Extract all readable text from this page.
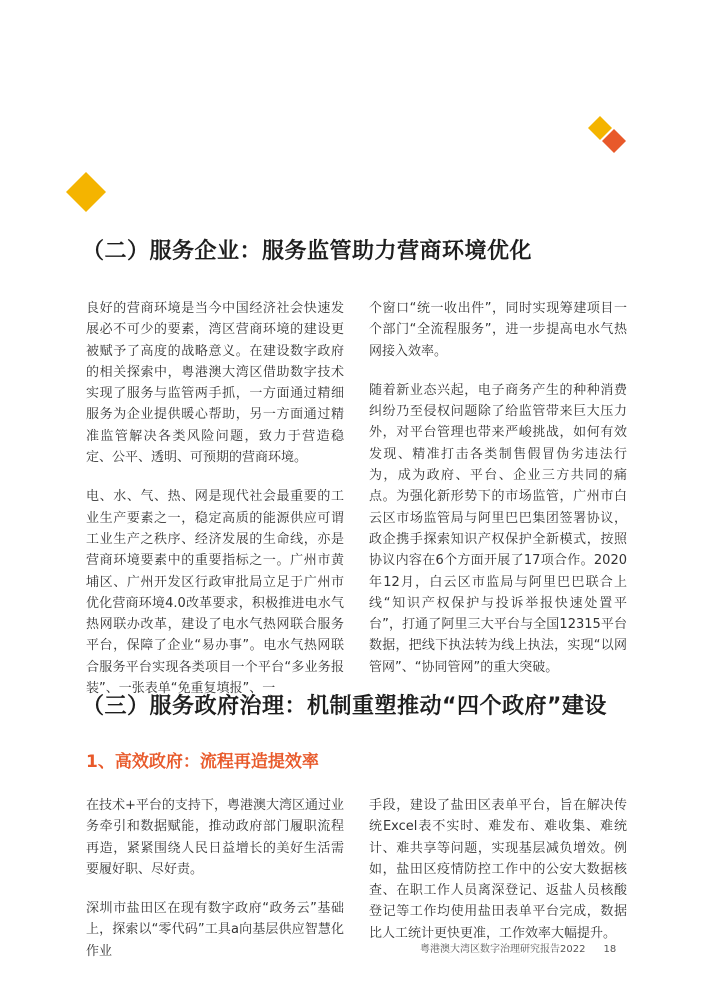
（二）服务企业：服务监管助力营商环境优化

良好的营商环境是当今中国经济社会快速发展必不可少的要素，湾区营商环境的建设更被赋予了高度的战略意义。在建设数字政府的相关探索中，粤港澳大湾区借助数字技术实现了服务与监管两手抓，一方面通过精细服务为企业提供暖心帮助，另一方面通过精准监管解决各类风险问题，致力于营造稳定、公平、透明、可预期的营商环境。

电、水、气、热、网是现代社会最重要的工业生产要素之一，稳定高质的能源供应可谓工业生产之秩序、经济发展的生命线，亦是营商环境要素中的重要指标之一。广州市黄埔区、广州开发区行政审批局立足于广州市优化营商环境4.0改革要求，积极推进电水气热网联办改革，建设了电水气热网联合服务平台，保障了企业“易办事”。电水气热网联合服务平台实现各类项目一个平台“多业务报装”、一张表单“免重复填报”、一

个窗口“统一收出件”，同时实现筹建项目一个部门“全流程服务”，进一步提高电水气热网接入效率。

随着新业态兴起，电子商务产生的种种消费纠纷乃至侵权问题除了给监管带来巨大压力外，对平台管理也带来严峻挑战，如何有效发现、精准打击各类制售假冒伪劣违法行为，成为政府、平台、企业三方共同的痛点。为强化新形势下的市场监管，广州市白云区市场监管局与阿里巴巴集团签署协议，政企携手探索知识产权保护全新模式，按照协议内容在6个方面开展了17项合作。2020年12月，白云区市监局与阿里巴巴联合上线“知识产权保护与投诉举报快速处置平台”，打通了阿里三大平台与全国12315平台数据，把线下执法转为线上执法，实现“以网管网”、“协同管网”的重大突破。

（三）服务政府治理：机制重塑推动“四个政府”建设
1、高效政府：流程再造提效率

在技术+平台的支持下，粤港澳大湾区通过业务牵引和数据赋能，推动政府部门履职流程再造，紧紧围绕人民日益增长的美好生活需要履好职、尽好责。

深圳市盐田区在现有数字政府“政务云”基础上，探索以“零代码”工具a向基层供应智慧化作业

手段，建设了盐田区表单平台，旨在解决传统Excel表不实时、难发布、难收集、难统计、难共享等问题，实现基层减负增效。例如，盐田区疫情防控工作中的公安大数据核查、在职工作人员离深登记、返盐人员核酸登记等工作均使用盐田表单平台完成，数据比人工统计更快更准，工作效率大幅提升。

粤港澳大湾区数字治理研究报告2022 18
